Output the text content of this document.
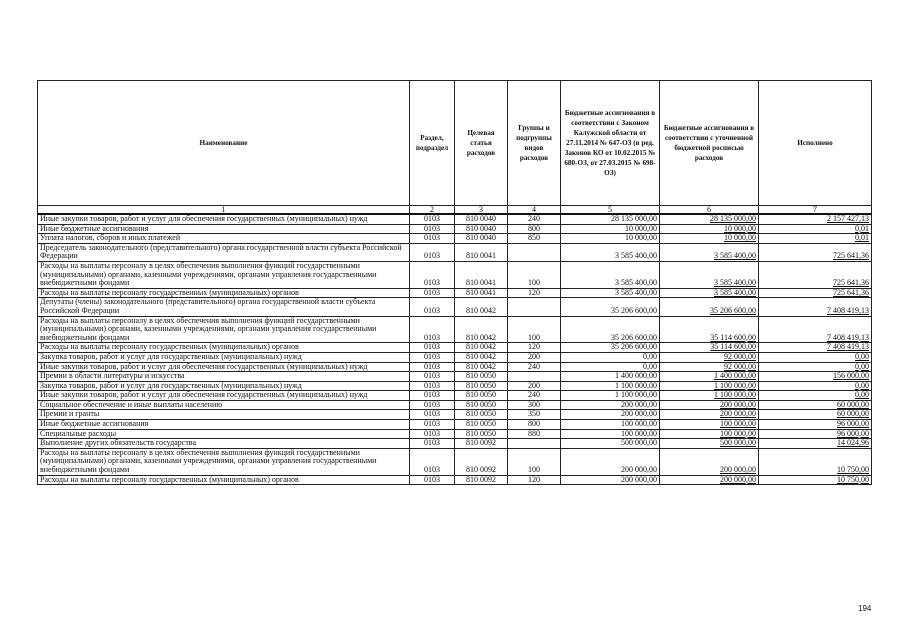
Наименование	Раздел, подраздел	Целевая статья расходов	Группы и подгруппы видов расходов	Бюджетные ассигнования в соответствии с Законом Калужской области от 27.11.2014 № 647-ОЗ (в ред. Законов КО от 10.02.2015 № 680-ОЗ, от 27.03.2015 № 698-ОЗ)	Бюджетные ассигнования в соответствии с уточненной бюджетной росписью расходов	Исполнено
1	2	3	4	5	6	7
Иные закупки товаров, работ и услуг для обеспечения государственных (муниципальных) нужд	0103	810 0040	240	28 135 000,00	28 135 000,00	2 157 427,13
Иные бюджетные ассигнования	0103	810 0040	800	10 000,00	10 000,00	0,01
Уплата налогов, сборов и иных платежей	0103	810 0040	850	10 000,00	10 000,00	0,01
Председатель законодательного (представительного) органа государственной власти субъекта Российской Федерации	0103	810 0041		3 585 400,00	3 585 400,00	725 641,36
Расходы на выплаты персоналу в целях обеспечения выполнения функций государственными (муниципальными) органами, казенными учреждениями, органами управления государственными внебюджетными фондами	0103	810 0041	100	3 585 400,00	3 585 400,00	725 641,36
Расходы на выплаты персоналу государственных (муниципальных) органов	0103	810 0041	120	3 585 400,00	3 585 400,00	725 641,36
Депутаты (члены) законодательного (представительного) органа государственной власти субъекта Российской Федерации	0103	810 0042		35 206 600,00	35 206 600,00	7 408 419,13
Расходы на выплаты персоналу в целях обеспечения выполнения функций государственными (муниципальными) органами, казенными учреждениями, органами управления государственными внебюджетными фондами	0103	810 0042	100	35 206 600,00	35 114 600,00	7 408 419,13
Расходы на выплаты персоналу государственных (муниципальных) органов	0103	810 0042	120	35 206 600,00	35 114 600,00	7 408 419,13
Закупка товаров, работ и услуг для государственных (муниципальных) нужд	0103	810 0042	200	0,00	92 000,00	0,00
Иные закупки товаров, работ и услуг для обеспечения государственных (муниципальных) нужд	0103	810 0042	240	0,00	92 000,00	0,00
Премии в области литературы и искусства	0103	810 0050		1 400 000,00	1 400 000,00	156 000,00
Закупка товаров, работ и услуг для государственных (муниципальных) нужд	0103	810 0050	200	1 100 000,00	1 100 000,00	0,00
Иные закупки товаров, работ и услуг для обеспечения государственных (муниципальных) нужд	0103	810 0050	240	1 100 000,00	1 100 000,00	0,00
Социальное обеспечение и иные выплаты населению	0103	810 0050	300	200 000,00	200 000,00	60 000,00
Премии и гранты	0103	810 0050	350	200 000,00	200 000,00	60 000,00
Иные бюджетные ассигнования	0103	810 0050	800	100 000,00	100 000,00	96 000,00
Специальные расходы	0103	810 0050	880	100 000,00	100 000,00	96 000,00
Выполнение других обязательств государства	0103	810 0092		500 000,00	500 000,00	14 024,96
Расходы на выплаты персоналу в целях обеспечения выполнения функций государственными (муниципальными) органами, казенными учреждениями, органами управления государственными внебюджетными фондами	0103	810 0092	100	200 000,00	200 000,00	10 750,00
Расходы на выплаты персоналу государственных (муниципальных) органов	0103	810 0092	120	200 000,00	200 000,00	10 750,00
194
